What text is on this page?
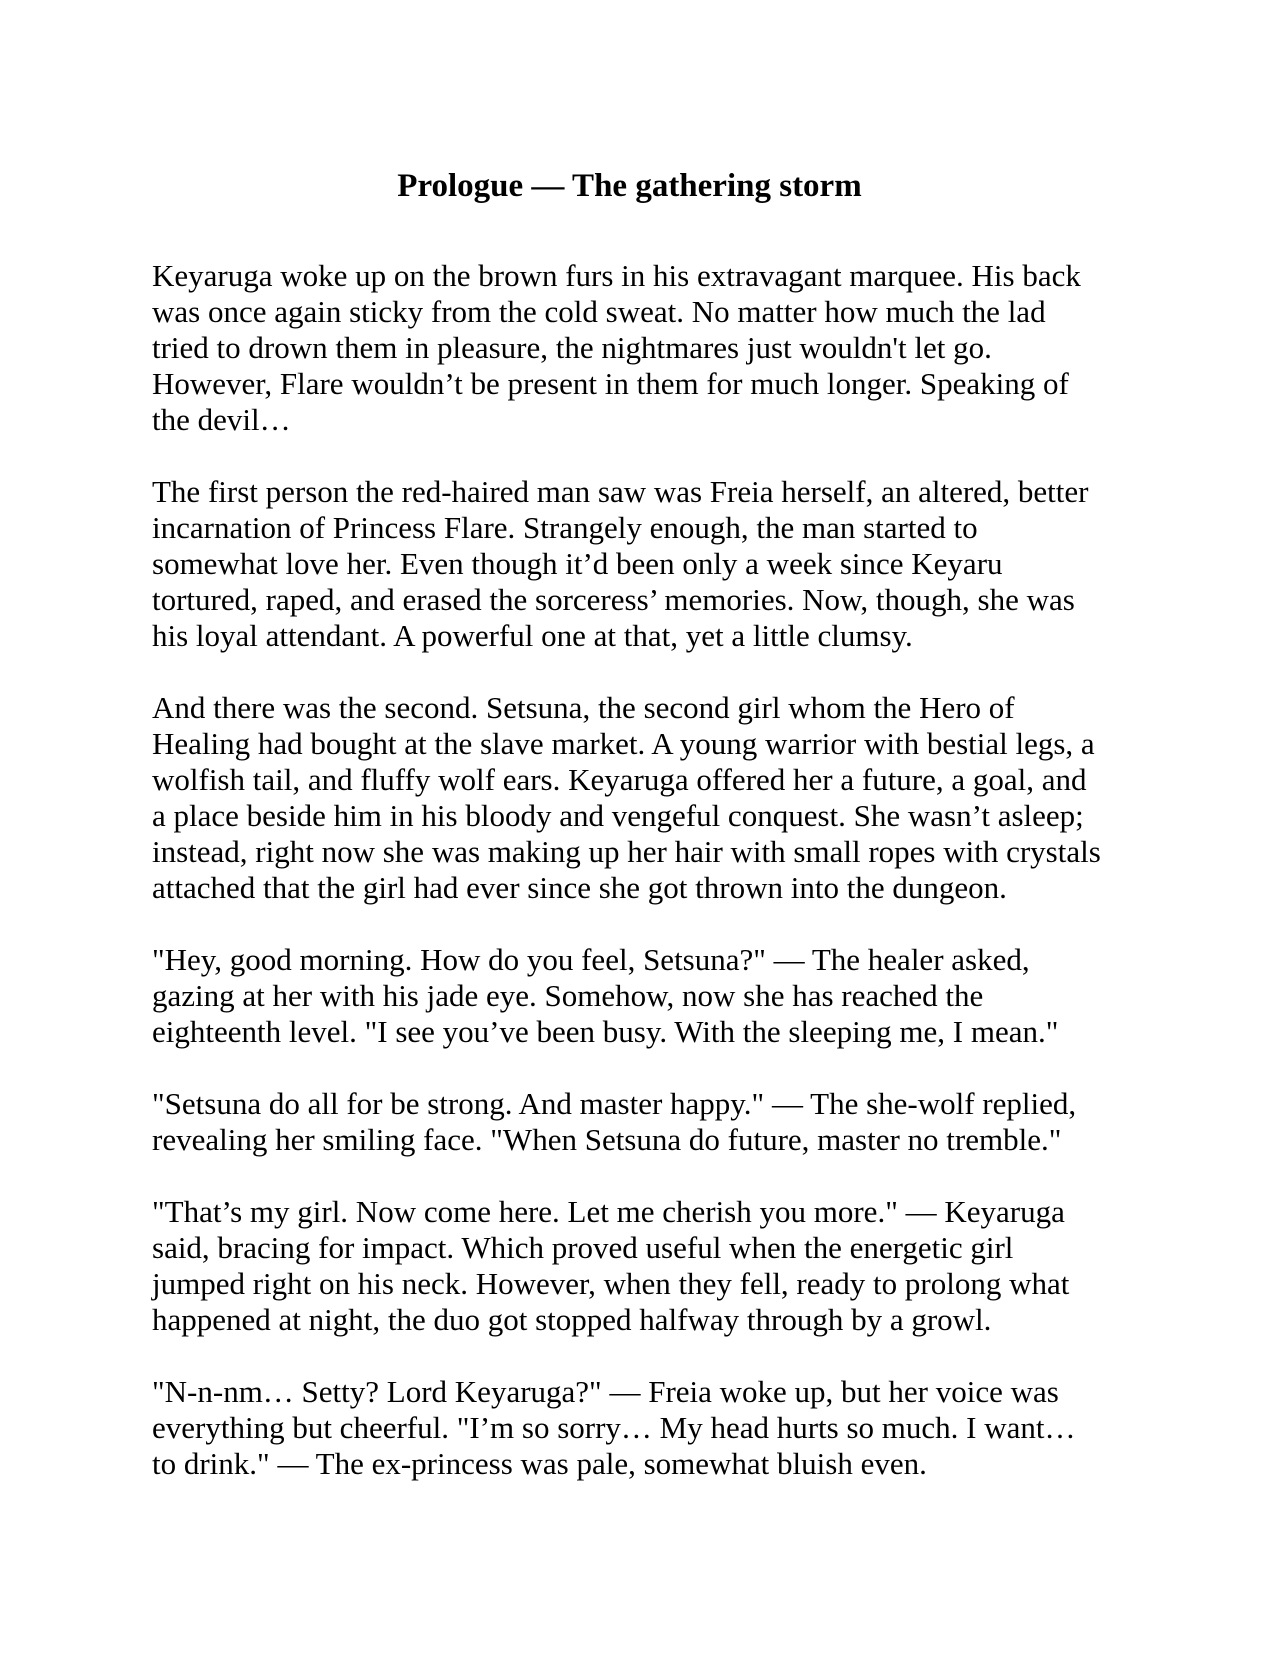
Prologue — The gathering storm

Keyaruga woke up on the brown furs in his extravagant marquee. His back was once again sticky from the cold sweat. No matter how much the lad tried to drown them in pleasure, the nightmares just wouldn't let go. However, Flare wouldn’t be present in them for much longer. Speaking of the devil…

The first person the red-haired man saw was Freia herself, an altered, better incarnation of Princess Flare. Strangely enough, the man started to somewhat love her. Even though it’d been only a week since Keyaru tortured, raped, and erased the sorceress’ memories. Now, though, she was his loyal attendant. A powerful one at that, yet a little clumsy.

And there was the second. Setsuna, the second girl whom the Hero of Healing had bought at the slave market. A young warrior with bestial legs, a wolfish tail, and fluffy wolf ears. Keyaruga offered her a future, a goal, and a place beside him in his bloody and vengeful conquest. She wasn’t asleep; instead, right now she was making up her hair with small ropes with crystals attached that the girl had ever since she got thrown into the dungeon.

"Hey, good morning. How do you feel, Setsuna?" — The healer asked, gazing at her with his jade eye. Somehow, now she has reached the eighteenth level. "I see you’ve been busy. With the sleeping me, I mean."

"Setsuna do all for be strong. And master happy." — The she-wolf replied, revealing her smiling face. "When Setsuna do future, master no tremble."

"That’s my girl. Now come here. Let me cherish you more." — Keyaruga said, bracing for impact. Which proved useful when the energetic girl jumped right on his neck. However, when they fell, ready to prolong what happened at night, the duo got stopped halfway through by a growl.

"N-n-nm… Setty? Lord Keyaruga?" — Freia woke up, but her voice was everything but cheerful. "I’m so sorry… My head hurts so much. I want… to drink." — The ex-princess was pale, somewhat bluish even.
